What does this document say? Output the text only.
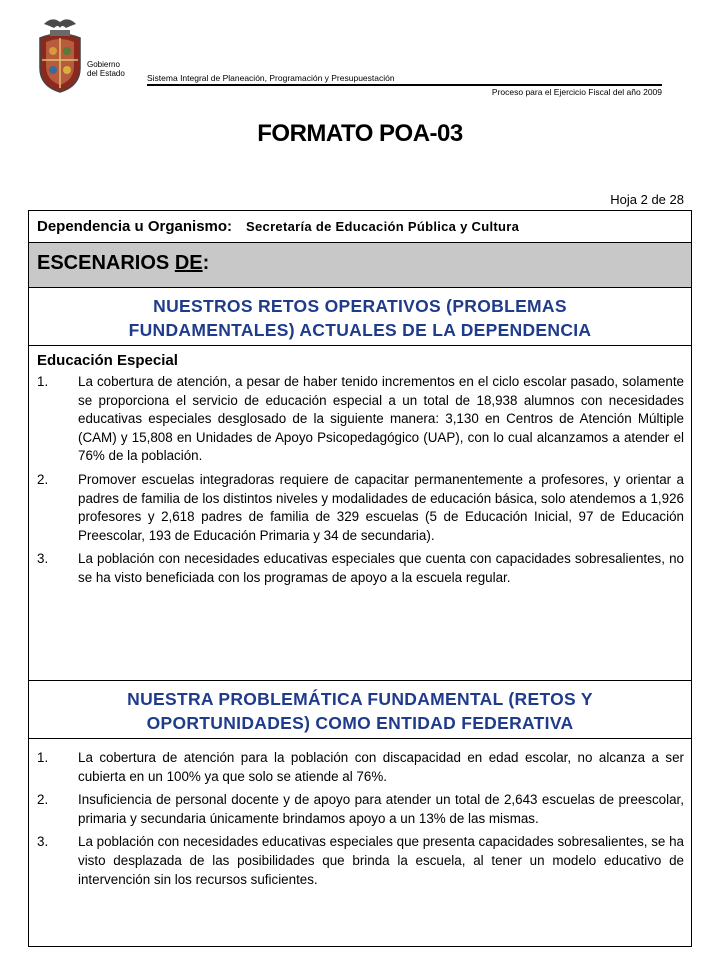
Gobierno
del Estado	Sistema Integral de Planeación, Programación y Presupuestación
Proceso para el Ejercicio Fiscal del año 2009
FORMATO POA-03
Hoja 2 de 28
Dependencia u Organismo: Secretaría de Educación Pública y Cultura
ESCENARIOS DE:
NUESTROS RETOS OPERATIVOS (PROBLEMAS
FUNDAMENTALES) ACTUALES DE LA DEPENDENCIA
Educación Especial
1.	La cobertura de atención, a pesar de haber tenido incrementos en el ciclo escolar pasado, solamente se proporciona el servicio de educación especial a un total de 18,938 alumnos con necesidades educativas especiales desglosado de la siguiente manera: 3,130 en Centros de Atención Múltiple (CAM) y 15,808 en Unidades de Apoyo Psicopedagógico (UAP), con lo cual alcanzamos a atender el 76% de la población.
2.	Promover escuelas integradoras requiere de capacitar permanentemente a profesores, y orientar a padres de familia de los distintos niveles y modalidades de educación básica, solo atendemos a 1,926 profesores y 2,618 padres de familia de 329 escuelas (5 de Educación Inicial, 97 de Educación Preescolar, 193 de Educación Primaria y 34 de secundaria).
3.	La población con necesidades educativas especiales que cuenta con capacidades sobresalientes, no se ha visto beneficiada con los programas de apoyo a la escuela regular.
NUESTRA PROBLEMÁTICA FUNDAMENTAL (RETOS Y
OPORTUNIDADES) COMO ENTIDAD FEDERATIVA
1.	La cobertura de atención para la población con discapacidad en edad escolar, no alcanza a ser cubierta en un 100% ya que solo se atiende al 76%.
2.	Insuficiencia de personal docente y de apoyo para atender un total de 2,643 escuelas de preescolar, primaria y secundaria únicamente brindamos apoyo a un 13% de las mismas.
3.	La población con necesidades educativas especiales que presenta capacidades sobresalientes, se ha visto desplazada de las posibilidades que brinda la escuela, al tener un modelo educativo de intervención sin los recursos suficientes.
